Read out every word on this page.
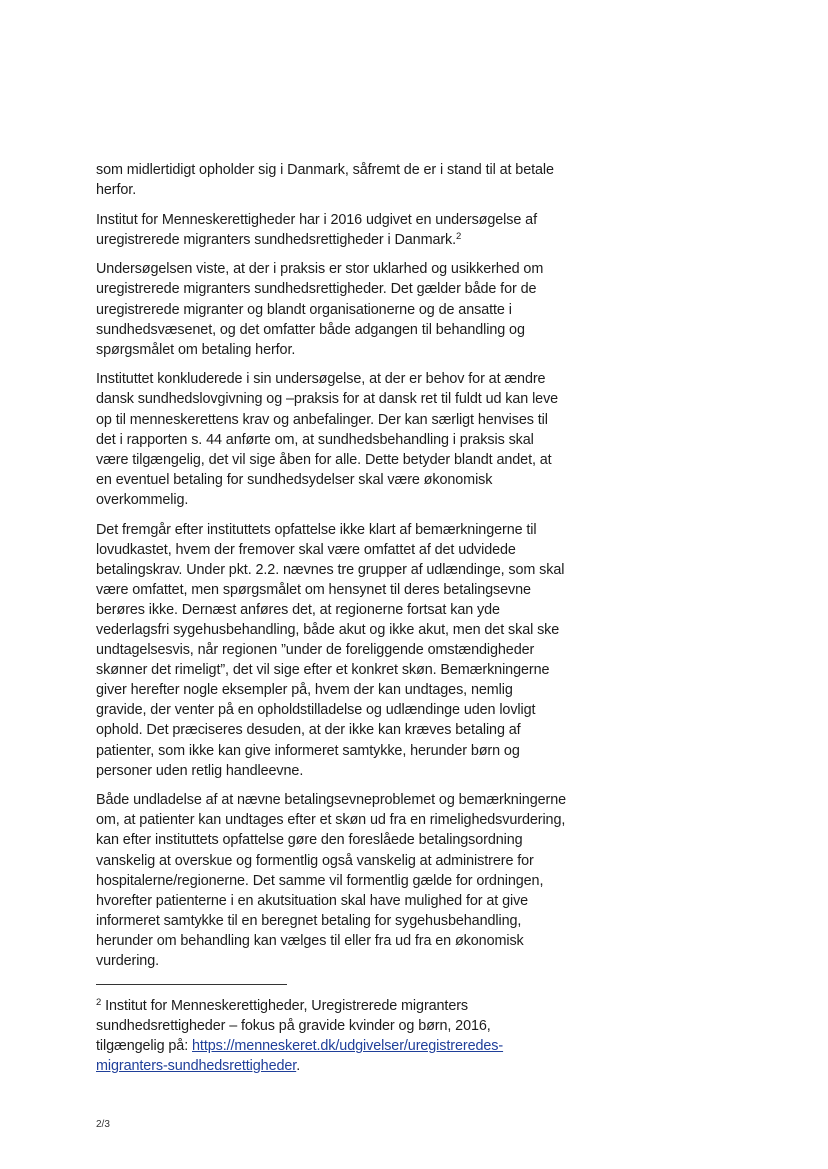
som midlertidigt opholder sig i Danmark, såfremt de er i stand til at betale herfor.

Institut for Menneskerettigheder har i 2016 udgivet en undersøgelse af uregistrerede migranters sundhedsrettigheder i Danmark.$^2$

Undersøgelsen viste, at der i praksis er stor uklarhed og usikkerhed om uregistrerede migranters sundhedsrettigheder. Det gælder både for de uregistrerede migranter og blandt organisationerne og de ansatte i sundhedsvæsenet, og det omfatter både adgangen til behandling og spørgsmålet om betaling herfor.

Instituttet konkluderede i sin undersøgelse, at der er behov for at ændre dansk sundhedslovgivning og –praksis for at dansk ret til fuldt ud kan leve op til menneskerettens krav og anbefalinger. Der kan særligt henvises til det i rapporten s. 44 anførte om, at sundhedsbehandling i praksis skal være tilgængelig, det vil sige åben for alle. Dette betyder blandt andet, at en eventuel betaling for sundhedsydelser skal være økonomisk overkommelig.

Det fremgår efter instituttets opfattelse ikke klart af bemærkningerne til lovudkastet, hvem der fremover skal være omfattet af det udvidede betalingskrav. Under pkt. 2.2. nævnes tre grupper af udlændinge, som skal være omfattet, men spørgsmålet om hensynet til deres betalingsevne berøres ikke. Dernæst anføres det, at regionerne fortsat kan yde vederlagsfri sygehusbehandling, både akut og ikke akut, men det skal ske undtagelsesvis, når regionen ”under de foreliggende omstændigheder skønner det rimeligt”, det vil sige efter et konkret skøn. Bemærkningerne giver herefter nogle eksempler på, hvem der kan undtages, nemlig gravide, der venter på en opholdstilladelse og udlændinge uden lovligt ophold. Det præciseres desuden, at der ikke kan kræves betaling af patienter, som ikke kan give informeret samtykke, herunder børn og personer uden retlig handleevne.

Både undladelse af at nævne betalingsevneproblemet og bemærkningerne om, at patienter kan undtages efter et skøn ud fra en rimelighedsvurdering, kan efter instituttets opfattelse gøre den foreslåede betalingsordning vanskelig at overskue og formentlig også vanskelig at administrere for hospitalerne/regionerne. Det samme vil formentlig gælde for ordningen, hvorefter patienterne i en akutsituation skal have mulighed for at give informeret samtykke til en beregnet betaling for sygehusbehandling, herunder om behandling kan vælges til eller fra ud fra en økonomisk vurdering.

$^2$ Institut for Menneskerettigheder, Uregistrerede migranters sundhedsrettigheder – fokus på gravide kvinder og børn, 2016, tilgængelig på: https://menneskeret.dk/udgivelser/uregistreredes-migranters-sundhedsrettigheder.
2/3
